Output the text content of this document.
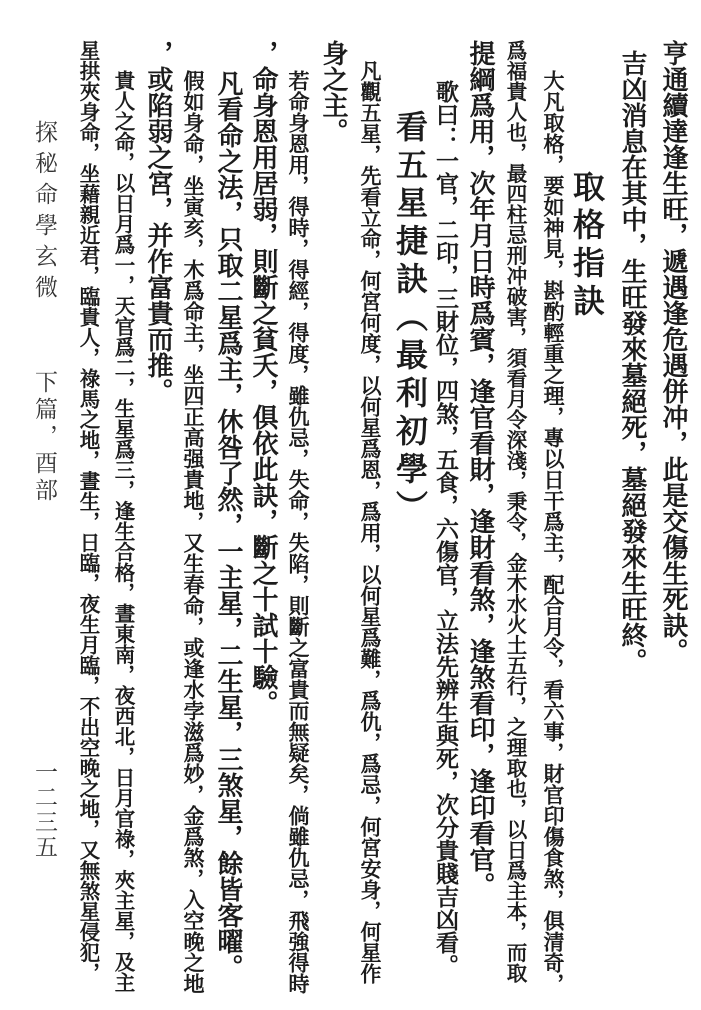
亨通續達逢生旺，遞遇逢危遇併冲，此是交傷生死訣。
吉凶消息在其中，生旺發來墓絕死，墓絕發來生旺終。
取格指訣
大凡取格，要如神見，斟酌輕重之理，專以日干爲主，配合月令，看六事，財官印傷食煞，俱清奇，
爲福貴人也，最四柱忌刑冲破害，須看月令深淺，秉令，金木水火土五行，之理取也，以日爲主本，而取
提綱爲用，次年月日時爲賓，逢官看財，逢財看煞，逢煞看印，逢印看官。
歌曰：一官，二印，三財位，四煞，五食，六傷官，立法先辨生與死，次分貴賤吉凶看。
看五星捷訣（最利初學）
凡觀五星，先看立命，何宮何度，以何星爲恩，爲用，以何星爲難，爲仇，爲忌，何宮安身，何星作
身之主。
若命身恩用，得時，得經，得度，雖仇忌，失命，失陷，則斷之富貴而無疑矣，倘雖仇忌，飛強得時
，命身恩用居弱，則斷之貧夭，俱依此訣，斷之十試十驗。
凡看命之法，只取二星爲主，休咎了然，一主星，二生星，三煞星，餘皆客曜。
假如身命，坐寅亥，木爲命主，坐四正高强貴地，又生春命，或逢水孛滋爲妙，金爲煞，入空晚之地
，或陷弱之宮，并作富貴而推。
貴人之命，以日月爲一，天官爲二，生星爲三，逢生合格，晝東南，夜西北，日月官祿，夾主星，及主
星拱夾身命，坐藉親近君，臨貴人，祿馬之地，晝生，日臨，夜生月臨，不出空晚之地，又無煞星侵犯，
探秘命學玄微
下篇，酉部
一二三五
